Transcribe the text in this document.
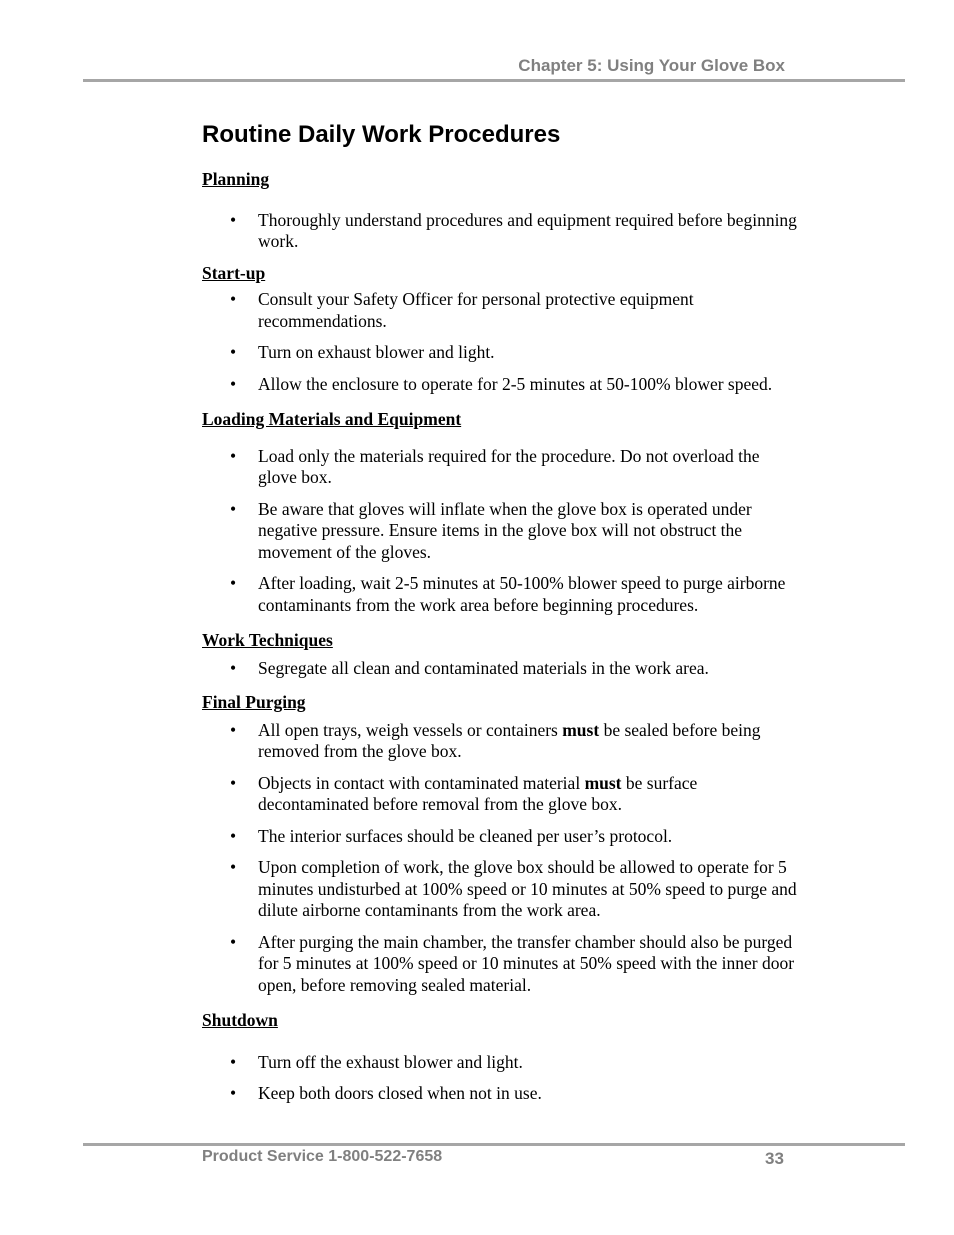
Chapter 5: Using Your Glove Box
Routine Daily Work Procedures

Planning

• Thoroughly understand procedures and equipment required before beginning work.

Start-up

• Consult your Safety Officer for personal protective equipment recommendations.
• Turn on exhaust blower and light.
• Allow the enclosure to operate for 2-5 minutes at 50-100% blower speed.

Loading Materials and Equipment

• Load only the materials required for the procedure. Do not overload the glove box.
• Be aware that gloves will inflate when the glove box is operated under negative pressure. Ensure items in the glove box will not obstruct the movement of the gloves.
• After loading, wait 2-5 minutes at 50-100% blower speed to purge airborne contaminants from the work area before beginning procedures.

Work Techniques

• Segregate all clean and contaminated materials in the work area.

Final Purging

• All open trays, weigh vessels or containers must be sealed before being removed from the glove box.
• Objects in contact with contaminated material must be surface decontaminated before removal from the glove box.
• The interior surfaces should be cleaned per user’s protocol.
• Upon completion of work, the glove box should be allowed to operate for 5 minutes undisturbed at 100% speed or 10 minutes at 50% speed to purge and dilute airborne contaminants from the work area.
• After purging the main chamber, the transfer chamber should also be purged for 5 minutes at 100% speed or 10 minutes at 50% speed with the inner door open, before removing sealed material.

Shutdown

• Turn off the exhaust blower and light.
• Keep both doors closed when not in use.
Product Service 1-800-522-7658	33
